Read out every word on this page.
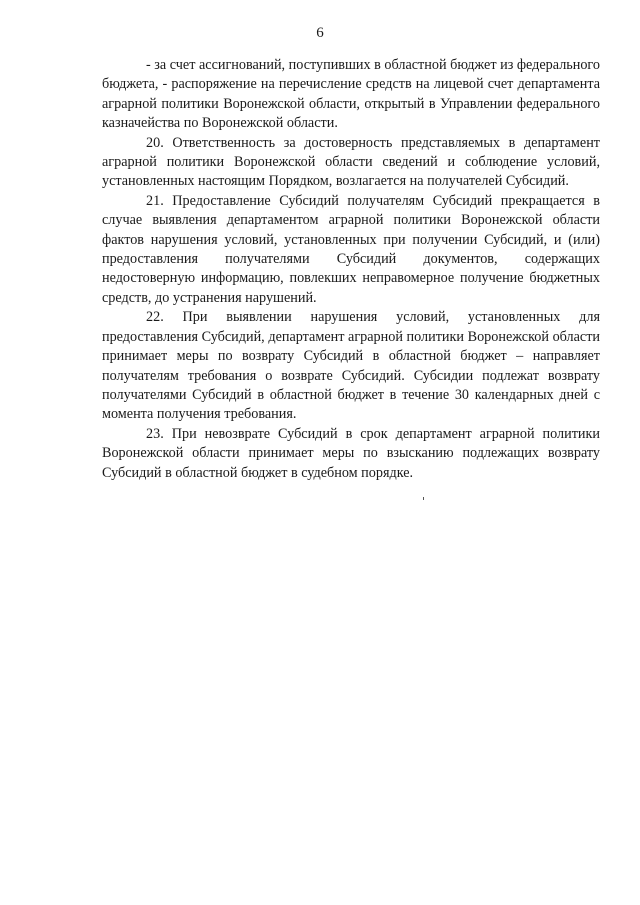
6

- за счет ассигнований, поступивших в областной бюджет из федерального бюджета, - распоряжение на перечисление средств на лицевой счет департамента аграрной политики Воронежской области, открытый в Управлении федерального казначейства по Воронежской области.

20. Ответственность за достоверность представляемых в департамент аграрной политики Воронежской области сведений и соблюдение условий, установленных настоящим Порядком, возлагается на получателей Субсидий.

21. Предоставление Субсидий получателям Субсидий прекращается в случае выявления департаментом аграрной политики Воронежской области фактов нарушения условий, установленных при получении Субсидий, и (или) предоставления получателями Субсидий документов, содержащих недостоверную информацию, повлекших неправомерное получение бюджетных средств, до устранения нарушений.

22. При выявлении нарушения условий, установленных для предоставления Субсидий, департамент аграрной политики Воронежской области принимает меры по возврату Субсидий в областной бюджет – направляет получателям требования о возврате Субсидий. Субсидии подлежат возврату получателями Субсидий в областной бюджет в течение 30 календарных дней с момента получения требования.

23. При невозврате Субсидий в срок департамент аграрной политики Воронежской области принимает меры по взысканию подлежащих возврату Субсидий в областной бюджет в судебном порядке.
